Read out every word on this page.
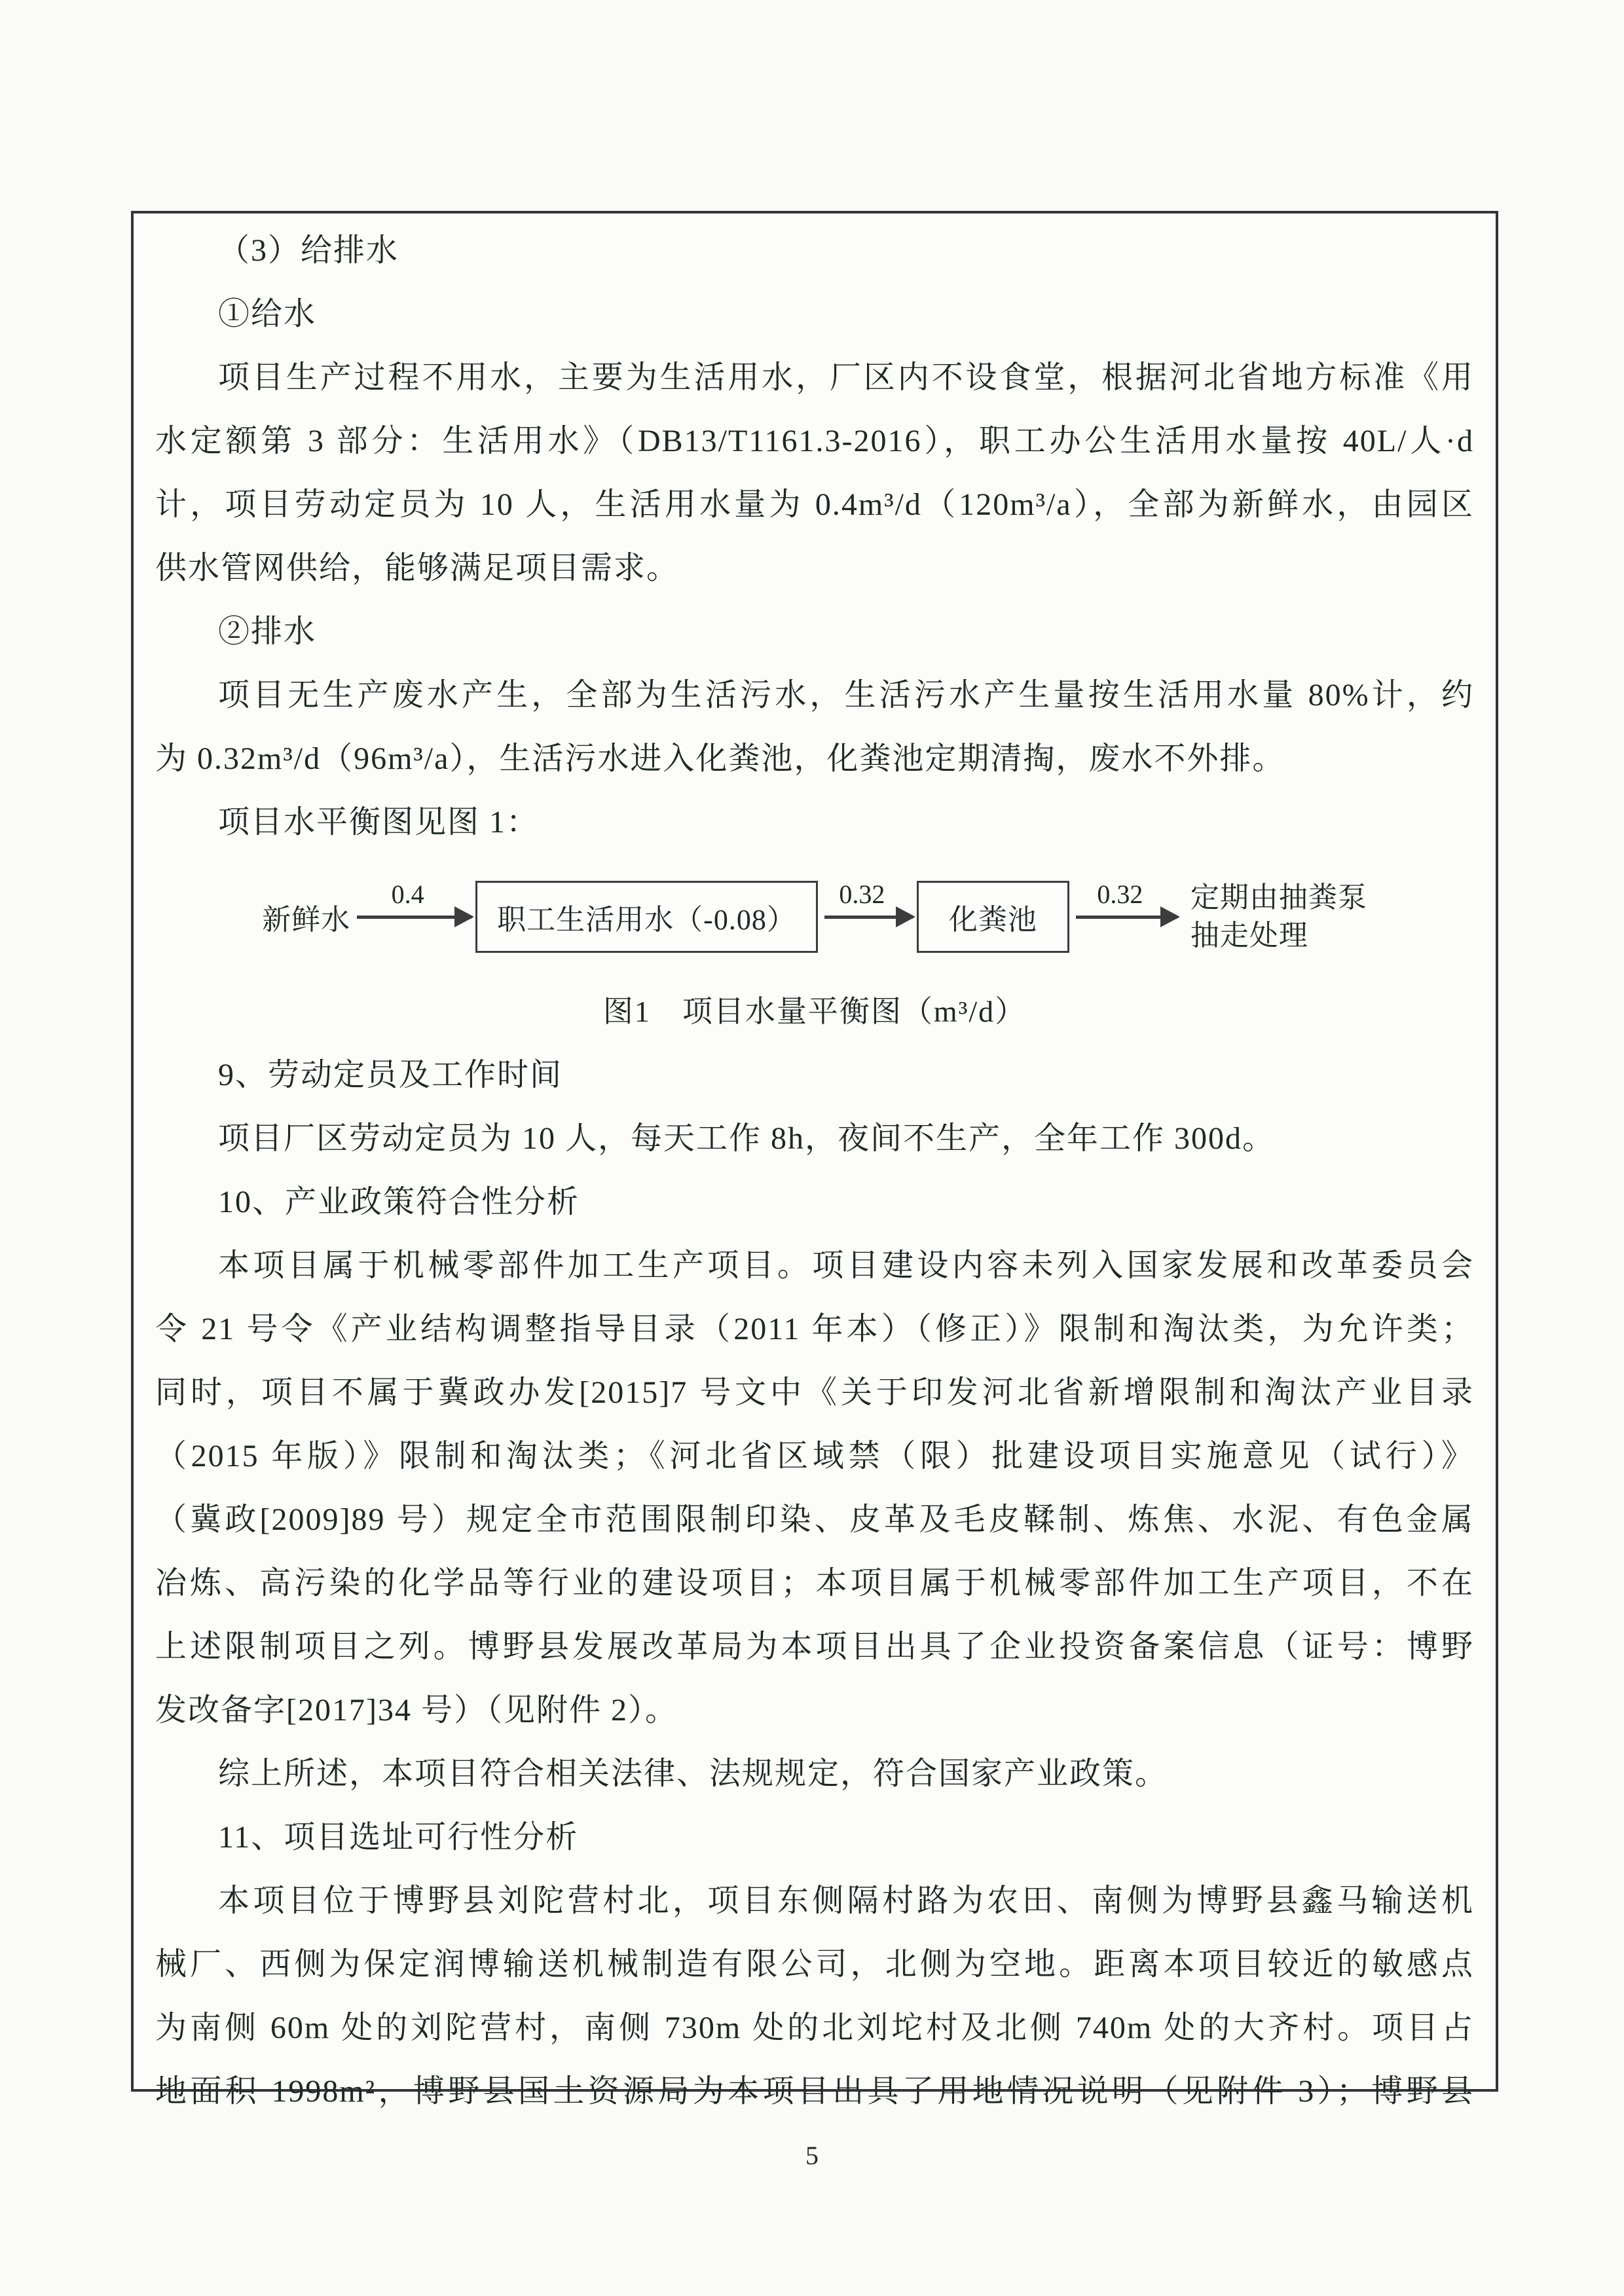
（3）给排水
①给水
项目生产过程不用水，主要为生活用水，厂区内不设食堂，根据河北省地方标准《用
水定额第 3 部分：生活用水》（DB13/T1161.3-2016），职工办公生活用水量按 40L/人·d
计，项目劳动定员为 10 人，生活用水量为 0.4m³/d（120m³/a），全部为新鲜水，由园区
供水管网供给，能够满足项目需求。
②排水
项目无生产废水产生，全部为生活污水，生活污水产生量按生活用水量 80%计，约
为 0.32m³/d（96m³/a），生活污水进入化粪池，化粪池定期清掏，废水不外排。
项目水平衡图见图 1：
新鲜水
0.4
职工生活用水（-0.08）
0.32
化粪池
0.32	定期由抽粪泵
抽走处理
图1　项目水量平衡图（m³/d）
9、劳动定员及工作时间
项目厂区劳动定员为 10 人，每天工作 8h，夜间不生产，全年工作 300d。
10、产业政策符合性分析
本项目属于机械零部件加工生产项目。项目建设内容未列入国家发展和改革委员会
令 21 号令《产业结构调整指导目录（2011 年本）（修正）》限制和淘汰类，为允许类；
同时，项目不属于冀政办发[2015]7 号文中《关于印发河北省新增限制和淘汰产业目录
（2015 年版）》限制和淘汰类；《河北省区域禁（限）批建设项目实施意见（试行）》
（冀政[2009]89 号）规定全市范围限制印染、皮革及毛皮鞣制、炼焦、水泥、有色金属
冶炼、高污染的化学品等行业的建设项目；本项目属于机械零部件加工生产项目，不在
上述限制项目之列。博野县发展改革局为本项目出具了企业投资备案信息（证号：博野
发改备字[2017]34 号）（见附件 2）。
综上所述，本项目符合相关法律、法规规定，符合国家产业政策。
11、项目选址可行性分析
本项目位于博野县刘陀营村北，项目东侧隔村路为农田、南侧为博野县鑫马输送机
械厂、西侧为保定润博输送机械制造有限公司，北侧为空地。距离本项目较近的敏感点
为南侧 60m 处的刘陀营村，南侧 730m 处的北刘坨村及北侧 740m 处的大齐村。项目占
地面积 1998m²，博野县国土资源局为本项目出具了用地情况说明（见附件 3）；博野县
5
